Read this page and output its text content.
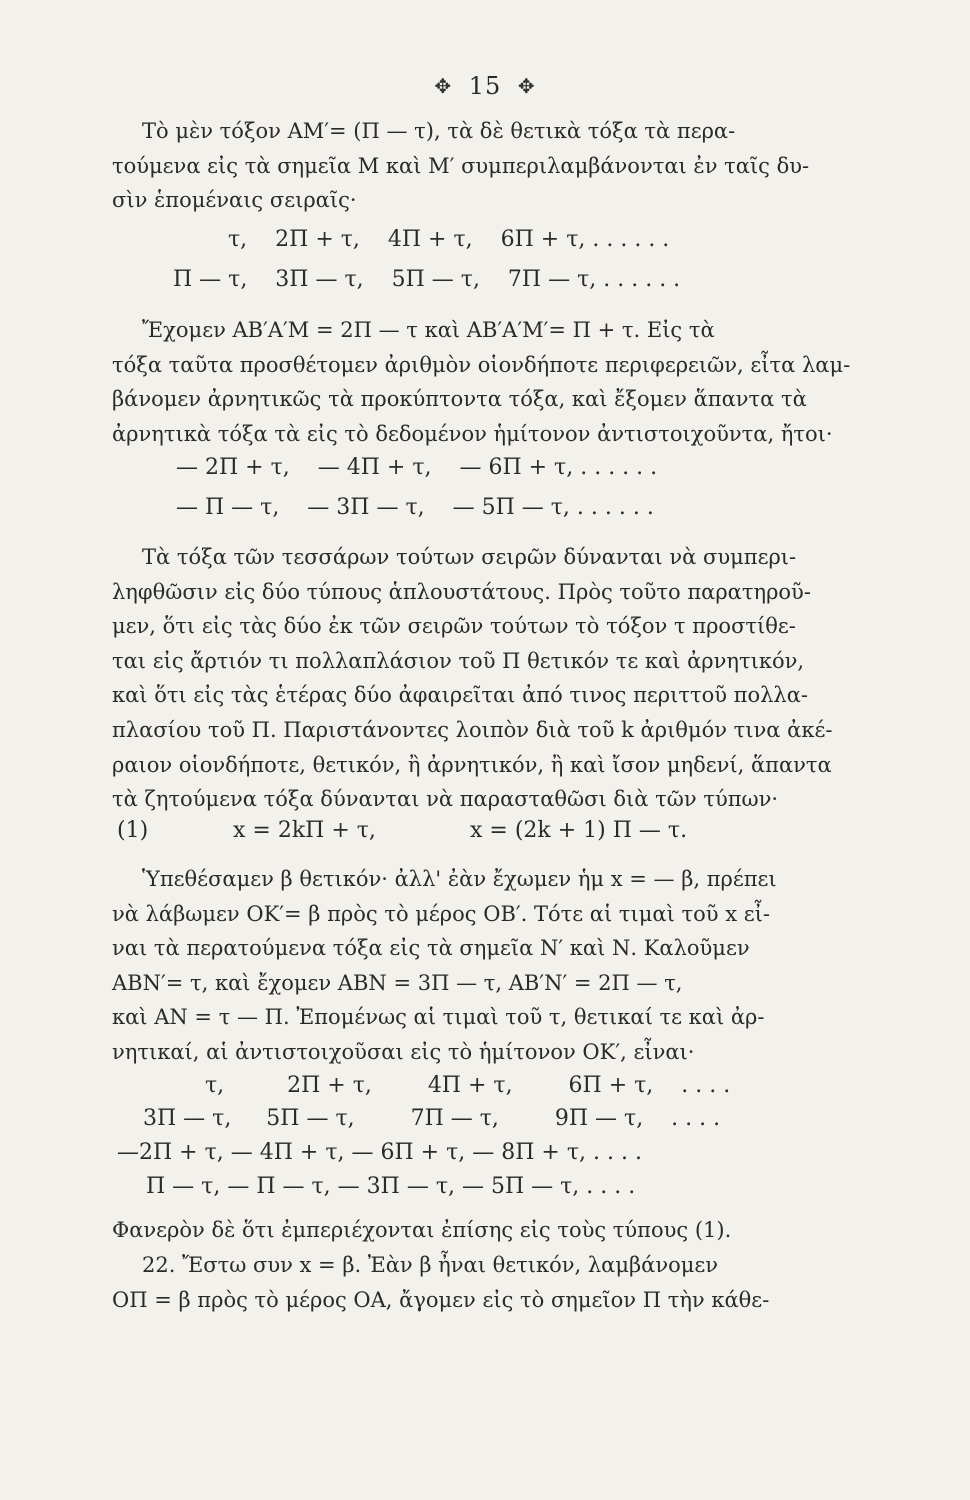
✥ 15 ✥
Τὸ μὲν τόξον ΑΜ′= (Π — τ), τὰ δὲ θετικὰ τόξα τὰ περα-
τούμενα εἰς τὰ σημεῖα Μ καὶ Μ′ συμπεριλαμβάνονται ἐν ταῖς δυ-
σὶν ἑπομέναις σειραῖς·
τ,    2Π + τ,    4Π + τ,    6Π + τ, . . . . . .
Π — τ,    3Π — τ,    5Π — τ,    7Π — τ, . . . . . .
Ἔχομεν ΑΒ′Α′Μ = 2Π — τ καὶ ΑΒ′Α′Μ′= Π + τ. Εἰς τὰ
τόξα ταῦτα προσθέτομεν ἀριθμὸν οἱονδήποτε περιφερειῶν, εἶτα λαμ-
βάνομεν ἀρνητικῶς τὰ προκύπτοντα τόξα, καὶ ἔξομεν ἅπαντα τὰ
ἀρνητικὰ τόξα τὰ εἰς τὸ δεδομένον ἡμίτονον ἀντιστοιχοῦντα, ἤτοι·
— 2Π + τ,    — 4Π + τ,    — 6Π + τ, . . . . . .
— Π — τ,    — 3Π — τ,    — 5Π — τ, . . . . . .
Τὰ τόξα τῶν τεσσάρων τούτων σειρῶν δύνανται νὰ συμπερι-
ληφθῶσιν εἰς δύο τύπους ἁπλουστάτους. Πρὸς τοῦτο παρατηροῦ-
μεν, ὅτι εἰς τὰς δύο ἐκ τῶν σειρῶν τούτων τὸ τόξον τ προστίθε-
ται εἰς ἄρτιόν τι πολλαπλάσιον τοῦ Π θετικόν τε καὶ ἀρνητικόν,
καὶ ὅτι εἰς τὰς ἑτέρας δύο ἀφαιρεῖται ἀπό τινος περιττοῦ πολλα-
πλασίου τοῦ Π. Παριστάνοντες λοιπὸν διὰ τοῦ k ἀριθμόν τινα ἀκέ-
ραιον οἱονδήποτε, θετικόν, ἢ ἀρνητικόν, ἢ καὶ ἴσον μηδενί, ἅπαντα
τὰ ζητούμενα τόξα δύνανται νὰ παρασταθῶσι διὰ τῶν τύπων·
(1)	x = 2kΠ + τ,	x = (2k + 1) Π — τ.
Ὑπεθέσαμεν β θετικόν· ἀλλ' ἐὰν ἔχωμεν ἡμ x = — β, πρέπει
νὰ λάβωμεν ΟΚ′= β πρὸς τὸ μέρος ΟΒ′. Τότε αἱ τιμαὶ τοῦ x εἶ-
ναι τὰ περατούμενα τόξα εἰς τὰ σημεῖα Ν′ καὶ Ν. Καλοῦμεν
ΑΒΝ′= τ, καὶ ἔχομεν ΑΒΝ = 3Π — τ, ΑΒ′Ν′ = 2Π — τ,
καὶ ΑΝ = τ — Π. Ἐπομένως αἱ τιμαὶ τοῦ τ, θετικαί τε καὶ ἀρ-
νητικαί, αἱ ἀντιστοιχοῦσαι εἰς τὸ ἡμίτονον ΟΚ′, εἶναι·
τ,         2Π + τ,        4Π + τ,        6Π + τ,    . . . .
3Π — τ,     5Π — τ,        7Π — τ,        9Π — τ,    . . . .
—2Π + τ, — 4Π + τ, — 6Π + τ, — 8Π + τ, . . . .
Π — τ, — Π — τ, — 3Π — τ, — 5Π — τ, . . . .
Φανερὸν δὲ ὅτι ἐμπεριέχονται ἐπίσης εἰς τοὺς τύπους (1).
22. Ἔστω συν x = β. Ἐὰν β ἦναι θετικόν, λαμβάνομεν
ΟΠ = β πρὸς τὸ μέρος ΟΑ, ἄγομεν εἰς τὸ σημεῖον Π τὴν κάθε-
